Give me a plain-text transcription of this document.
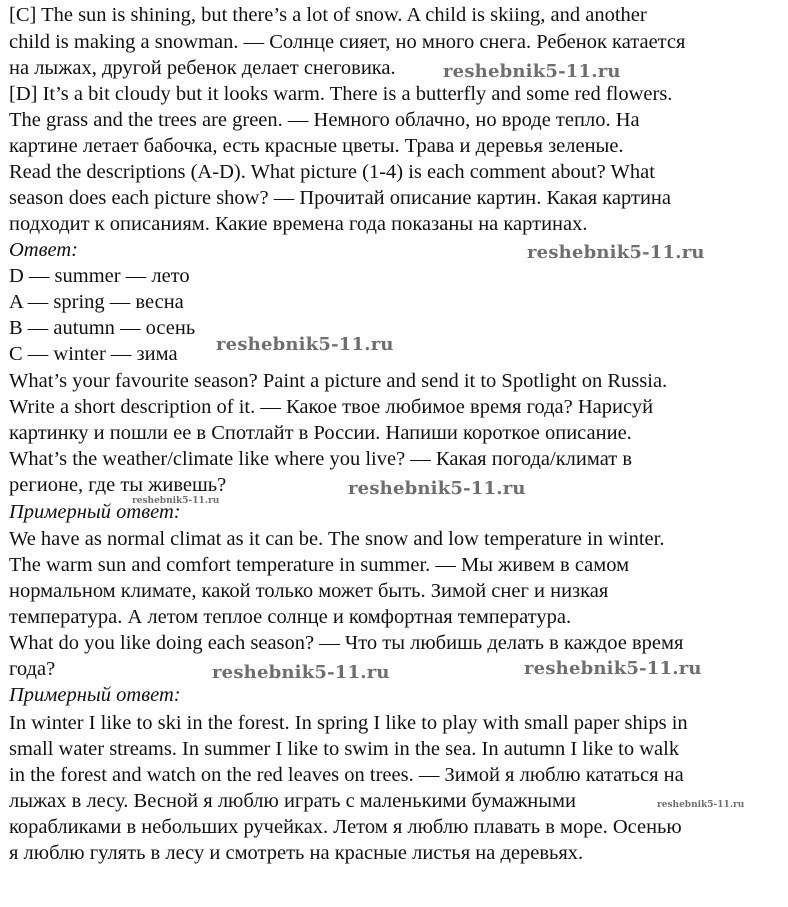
[C] The sun is shining, but there’s a lot of snow. A child is skiing, and another
child is making a snowman. — Солнце сияет, но много снега. Ребенок катается
на лыжах, другой ребенок делает снеговика.
[D] It’s a bit cloudy but it looks warm. There is a butterfly and some red flowers.
The grass and the trees are green. — Немного облачно, но вроде тепло. На
картине летает бабочка, есть красные цветы. Трава и деревья зеленые.
Read the descriptions (A-D). What picture (1-4) is each comment about? What
season does each picture show? — Прочитай описание картин. Какая картина
подходит к описаниям. Какие времена года показаны на картинах.
Ответ:
D — summer — лето
A — spring — весна
B — autumn — осень
C — winter — зима
What’s your favourite season? Paint a picture and send it to Spotlight on Russia.
Write a short description of it. — Какое твое любимое время года? Нарисуй
картинку и пошли ее в Спотлайт в России. Напиши короткое описание.
What’s the weather/climate like where you live? — Какая погода/климат в
регионе, где ты живешь?
Примерный ответ:
We have as normal climat as it can be. The snow and low temperature in winter.
The warm sun and comfort temperature in summer. — Мы живем в самом
нормальном климате, какой только может быть. Зимой снег и низкая
температура. А летом теплое солнце и комфортная температура.
What do you like doing each season? — Что ты любишь делать в каждое время
года?
Примерный ответ:
In winter I like to ski in the forest. In spring I like to play with small paper ships in
small water streams. In summer I like to swim in the sea. In autumn I like to walk
in the forest and watch on the red leaves on trees. — Зимой я люблю кататься на
лыжах в лесу. Весной я люблю играть с маленькими бумажными
корабликами в небольших ручейках. Летом я люблю плавать в море. Осенью
я люблю гулять в лесу и смотреть на красные листья на деревьях.
reshebnik5-11.ru
reshebnik5-11.ru
reshebnik5-11.ru
reshebnik5-11.ru
reshebnik5-11.ru
reshebnik5-11.ru
reshebnik5-11.ru
reshebnik5-11.ru
